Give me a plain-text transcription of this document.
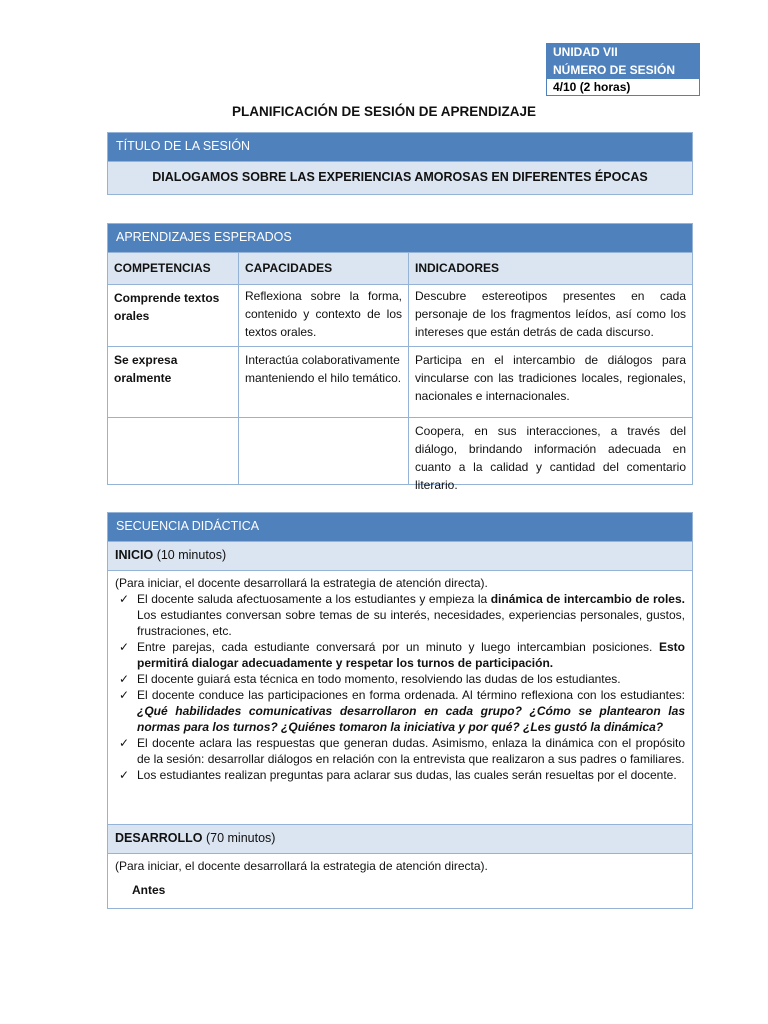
UNIDAD VII
NÚMERO DE SESIÓN
4/10 (2 horas)
PLANIFICACIÓN DE SESIÓN DE APRENDIZAJE
TÍTULO DE LA SESIÓN
DIALOGAMOS SOBRE LAS EXPERIENCIAS AMOROSAS EN DIFERENTES ÉPOCAS
APRENDIZAJES ESPERADOS
COMPETENCIAS	CAPACIDADES	INDICADORES
Comprende textos orales
Reflexiona sobre la forma, contenido y contexto de los textos orales.
Descubre estereotipos presentes en cada personaje de los fragmentos leídos, así como los intereses que están detrás de cada discurso.
Se expresa oralmente
Interactúa colaborativamente manteniendo el hilo temático.
Participa en el intercambio de diálogos para vincularse con las tradiciones locales, regionales, nacionales e internacionales.
Coopera, en sus interacciones, a través del diálogo, brindando información adecuada en cuanto a la calidad y cantidad del comentario literario.
SECUENCIA DIDÁCTICA
INICIO (10 minutos)
(Para iniciar, el docente desarrollará la estrategia de atención directa).
✓ El docente saluda afectuosamente a los estudiantes y empieza la dinámica de intercambio de roles. Los estudiantes conversan sobre temas de su interés, necesidades, experiencias personales, gustos, frustraciones, etc.
✓ Entre parejas, cada estudiante conversará por un minuto y luego intercambian posiciones. Esto permitirá dialogar adecuadamente y respetar los turnos de participación.
✓ El docente guiará esta técnica en todo momento, resolviendo las dudas de los estudiantes.
✓ El docente conduce las participaciones en forma ordenada. Al término reflexiona con los estudiantes: ¿Qué habilidades comunicativas desarrollaron en cada grupo? ¿Cómo se plantearon las normas para los turnos? ¿Quiénes tomaron la iniciativa y por qué? ¿Les gustó la dinámica?
✓ El docente aclara las respuestas que generan dudas. Asimismo, enlaza la dinámica con el propósito de la sesión: desarrollar diálogos en relación con la entrevista que realizaron a sus padres o familiares.
✓ Los estudiantes realizan preguntas para aclarar sus dudas, las cuales serán resueltas por el docente.
DESARROLLO (70 minutos)
(Para iniciar, el docente desarrollará la estrategia de atención directa).
Antes
